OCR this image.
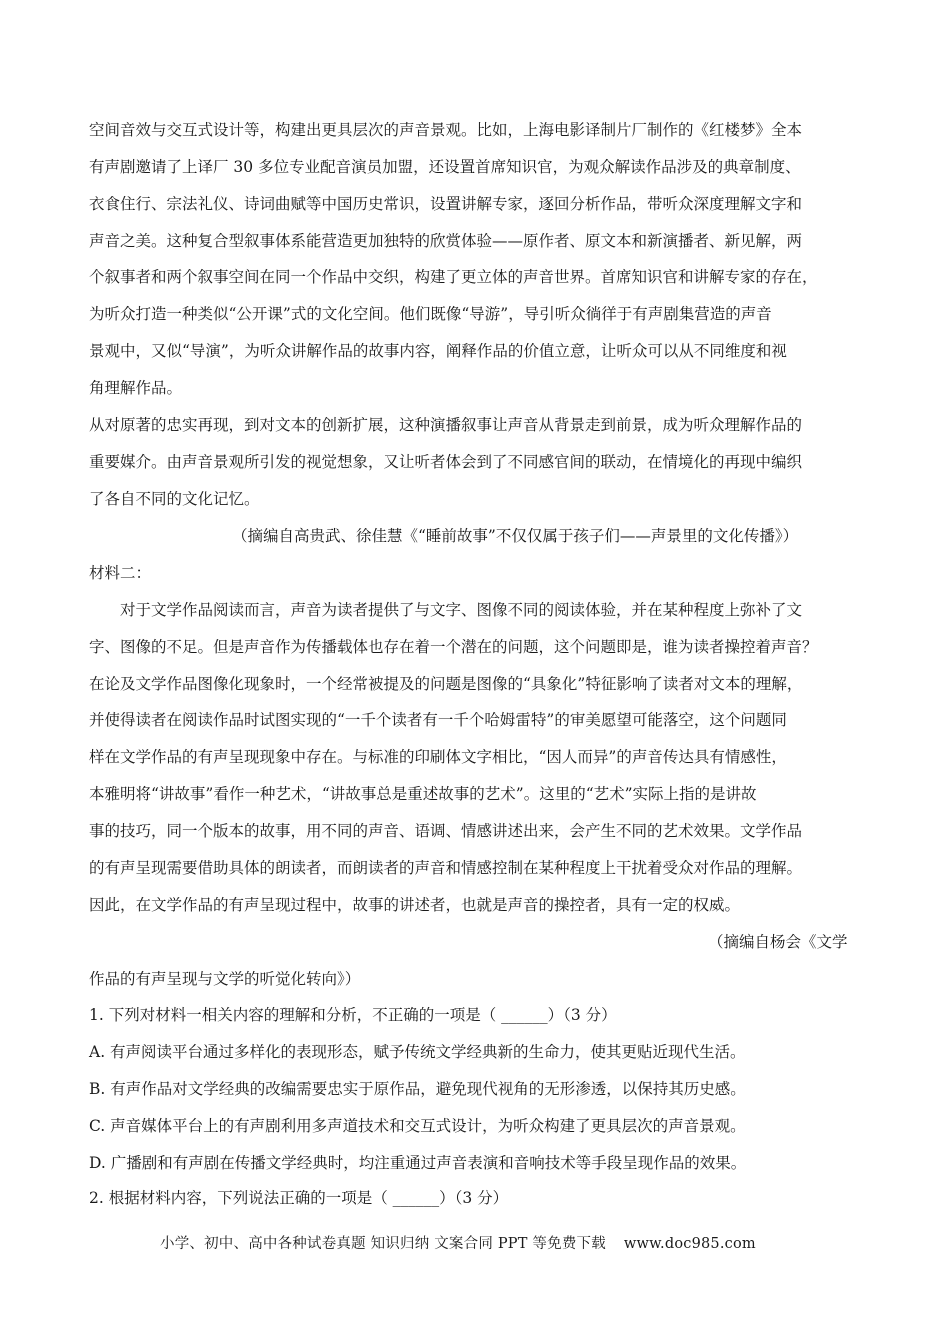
空间音效与交互式设计等，构建出更具层次的声音景观。比如，上海电影译制片厂制作的《红楼梦》全本
有声剧邀请了上译厂 30 多位专业配音演员加盟，还设置首席知识官，为观众解读作品涉及的典章制度、
衣食住行、宗法礼仪、诗词曲赋等中国历史常识，设置讲解专家，逐回分析作品，带听众深度理解文字和
声音之美。这种复合型叙事体系能营造更加独特的欣赏体验——原作者、原文本和新演播者、新见解，两
个叙事者和两个叙事空间在同一个作品中交织，构建了更立体的声音世界。首席知识官和讲解专家的存在，
为听众打造一种类似“公开课”式的文化空间。他们既像“导游”，导引听众徜徉于有声剧集营造的声音
景观中，又似“导演”，为听众讲解作品的故事内容，阐释作品的价值立意，让听众可以从不同维度和视
角理解作品。
从对原著的忠实再现，到对文本的创新扩展，这种演播叙事让声音从背景走到前景，成为听众理解作品的
重要媒介。由声音景观所引发的视觉想象，又让听者体会到了不同感官间的联动，在情境化的再现中编织
了各自不同的文化记忆。
（摘编自高贵武、徐佳慧《“睡前故事”不仅仅属于孩子们——声景里的文化传播》）
材料二：
对于文学作品阅读而言，声音为读者提供了与文字、图像不同的阅读体验，并在某种程度上弥补了文
字、图像的不足。但是声音作为传播载体也存在着一个潜在的问题，这个问题即是，谁为读者操控着声音？
在论及文学作品图像化现象时，一个经常被提及的问题是图像的“具象化”特征影响了读者对文本的理解，
并使得读者在阅读作品时试图实现的“一千个读者有一千个哈姆雷特”的审美愿望可能落空，这个问题同
样在文学作品的有声呈现现象中存在。与标准的印刷体文字相比，“因人而异”的声音传达具有情感性，
本雅明将“讲故事”看作一种艺术，“讲故事总是重述故事的艺术”。这里的“艺术”实际上指的是讲故
事的技巧，同一个版本的故事，用不同的声音、语调、情感讲述出来，会产生不同的艺术效果。文学作品
的有声呈现需要借助具体的朗读者，而朗读者的声音和情感控制在某种程度上干扰着受众对作品的理解。
因此，在文学作品的有声呈现过程中，故事的讲述者，也就是声音的操控者，具有一定的权威。
（摘编自杨会《文学
作品的有声呈现与文学的听觉化转向》）
1. 下列对材料一相关内容的理解和分析，不正确的一项是（ ______）（3 分）
A. 有声阅读平台通过多样化的表现形态，赋予传统文学经典新的生命力，使其更贴近现代生活。
B. 有声作品对文学经典的改编需要忠实于原作品，避免现代视角的无形渗透，以保持其历史感。
C. 声音媒体平台上的有声剧利用多声道技术和交互式设计，为听众构建了更具层次的声音景观。
D. 广播剧和有声剧在传播文学经典时，均注重通过声音表演和音响技术等手段呈现作品的效果。
2. 根据材料内容，下列说法正确的一项是（ ______）（3 分）
小学、初中、高中各种试卷真题 知识归纳 文案合同 PPT 等免费下载 www.doc985.com
